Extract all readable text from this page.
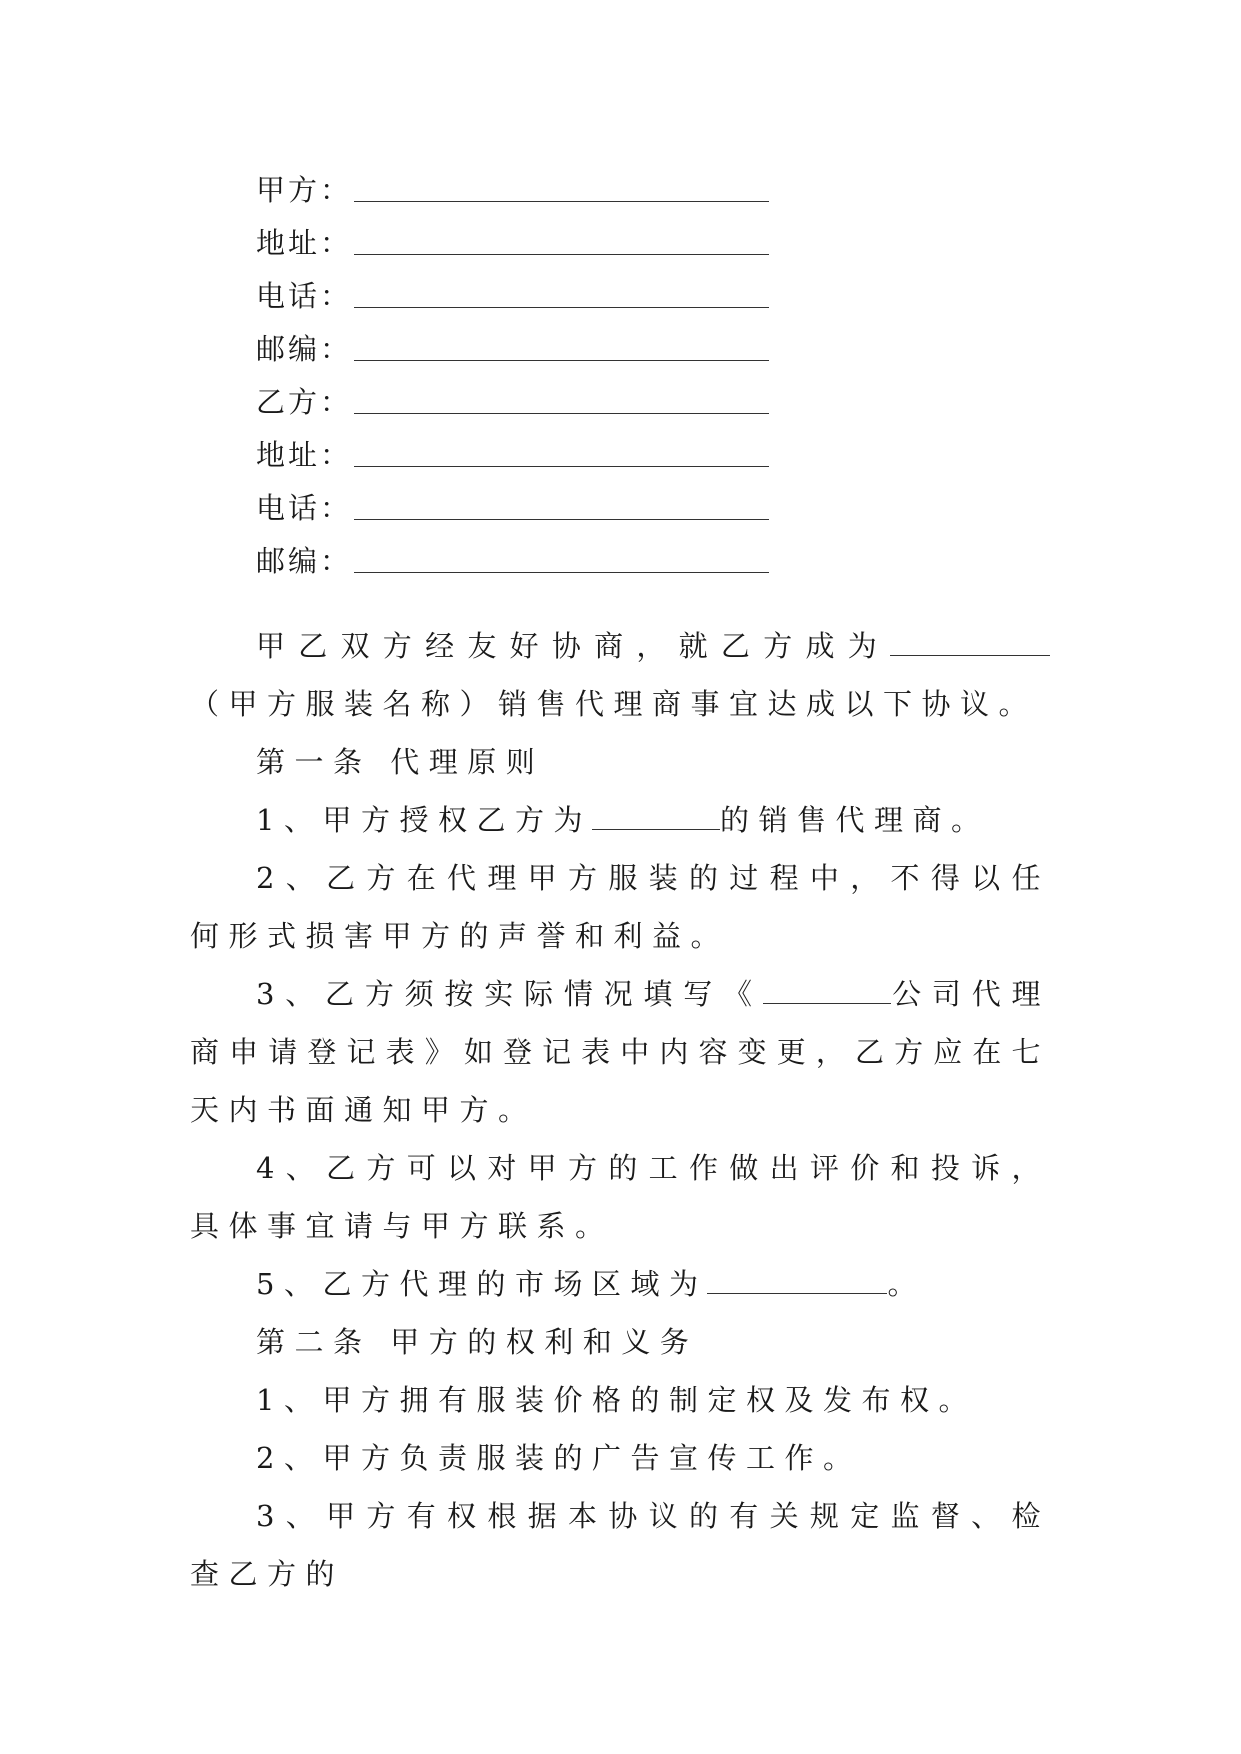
甲方：
地址：
电话：
邮编：
乙方：
地址：
电话：
邮编：
甲乙双方经友好协商，就乙方成为（甲方服装名称）销售代理商事宜达成以下协议。
第一条 代理原则
1、甲方授权乙方为	的销售代理商。
2、乙方在代理甲方服装的过程中，不得以任何形式损害甲方的声誉和利益。
3、乙方须按实际情况填写《	公司代理商申请登记表》如登记表中内容变更，乙方应在七天内书面通知甲方。
4、乙方可以对甲方的工作做出评价和投诉，具体事宜请与甲方联系。
5、乙方代理的市场区域为	。
第二条 甲方的权利和义务
1、甲方拥有服装价格的制定权及发布权。
2、甲方负责服装的广告宣传工作。
3、甲方有权根据本协议的有关规定监督、检查乙方的
